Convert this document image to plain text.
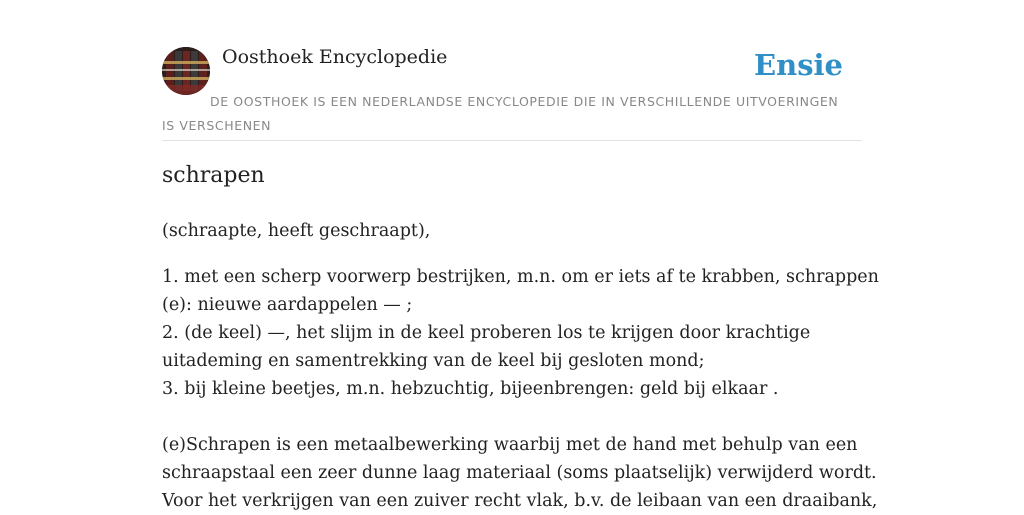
Oosthoek Encyclopedie	Ensie
DE OOSTHOEK IS EEN NEDERLANDSE ENCYCLOPEDIE DIE IN VERSCHILLENDE UITVOERINGEN IS VERSCHENEN
schrapen

(schraapte, heeft geschraapt),

1. met een scherp voorwerp bestrijken, m.n. om er iets af te krabben, schrappen
(e): nieuwe aardappelen — ;
2. (de keel) —, het slijm in de keel proberen los te krijgen door krachtige
uitademing en samentrekking van de keel bij gesloten mond;
3. bij kleine beetjes, m.n. hebzuchtig, bijeenbrengen: geld bij elkaar .
(e)Schrapen is een metaalbewerking waarbij met de hand met behulp van een
schraapstaal een zeer dunne laag materiaal (soms plaatselijk) verwijderd wordt.
Voor het verkrijgen van een zuiver recht vlak, b.v. de leibaan van een draaibank,
